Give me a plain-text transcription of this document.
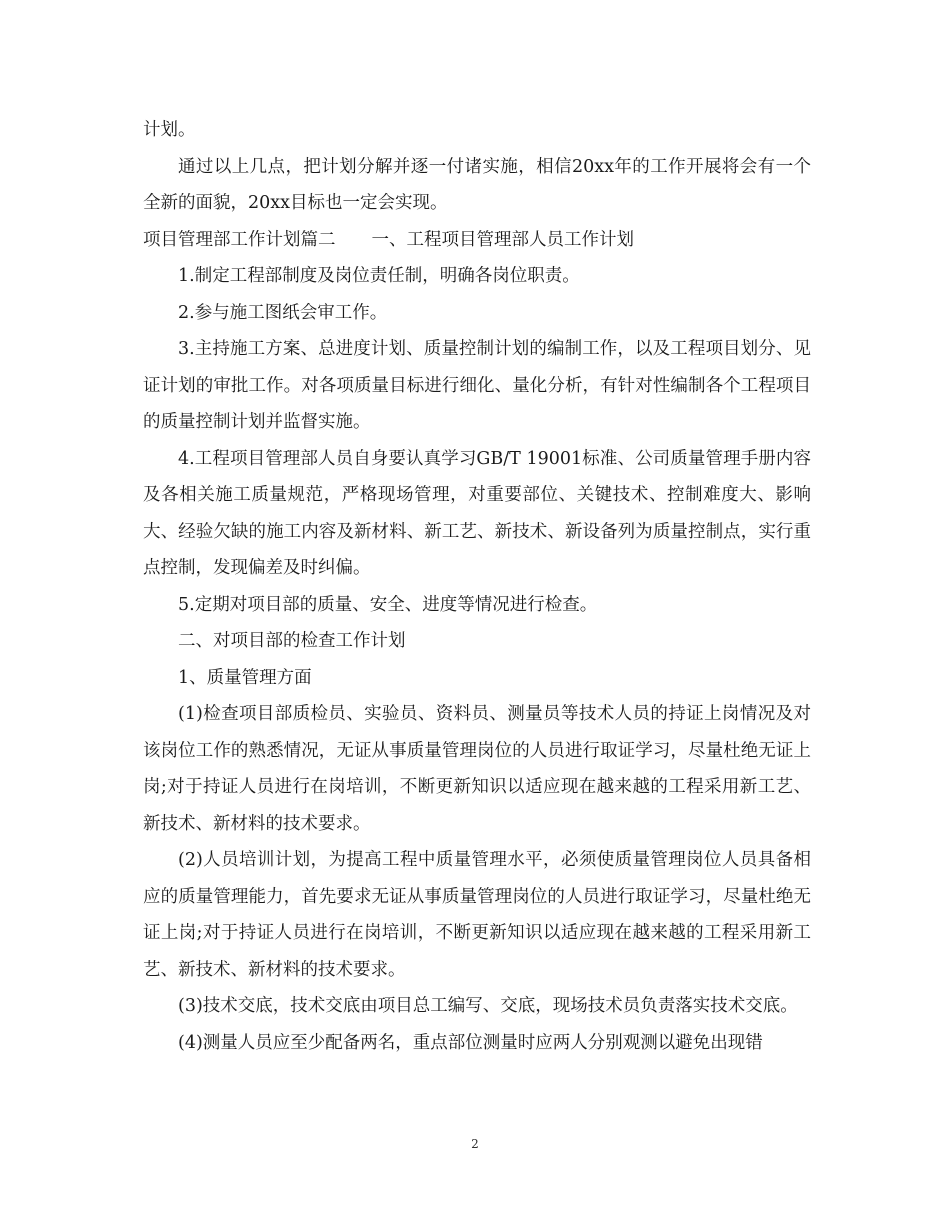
计划。

通过以上几点，把计划分解并逐一付诸实施，相信20xx年的工作开展将会有一个全新的面貌，20xx目标也一定会实现。

项目管理部工作计划篇二 一、工程项目管理部人员工作计划

1.制定工程部制度及岗位责任制，明确各岗位职责。

2.参与施工图纸会审工作。

3.主持施工方案、总进度计划、质量控制计划的编制工作，以及工程项目划分、见证计划的审批工作。对各项质量目标进行细化、量化分析，有针对性编制各个工程项目的质量控制计划并监督实施。

4.工程项目管理部人员自身要认真学习GB/T 19001标准、公司质量管理手册内容及各相关施工质量规范，严格现场管理，对重要部位、关键技术、控制难度大、影响大、经验欠缺的施工内容及新材料、新工艺、新技术、新设备列为质量控制点，实行重点控制，发现偏差及时纠偏。

5.定期对项目部的质量、安全、进度等情况进行检查。

二、对项目部的检查工作计划

1、质量管理方面

(1)检查项目部质检员、实验员、资料员、测量员等技术人员的持证上岗情况及对该岗位工作的熟悉情况，无证从事质量管理岗位的人员进行取证学习，尽量杜绝无证上岗;对于持证人员进行在岗培训，不断更新知识以适应现在越来越的工程采用新工艺、新技术、新材料的技术要求。

(2)人员培训计划，为提高工程中质量管理水平，必须使质量管理岗位人员具备相应的质量管理能力，首先要求无证从事质量管理岗位的人员进行取证学习，尽量杜绝无证上岗;对于持证人员进行在岗培训，不断更新知识以适应现在越来越的工程采用新工艺、新技术、新材料的技术要求。

(3)技术交底，技术交底由项目总工编写、交底，现场技术员负责落实技术交底。

(4)测量人员应至少配备两名，重点部位测量时应两人分别观测以避免出现错

2
